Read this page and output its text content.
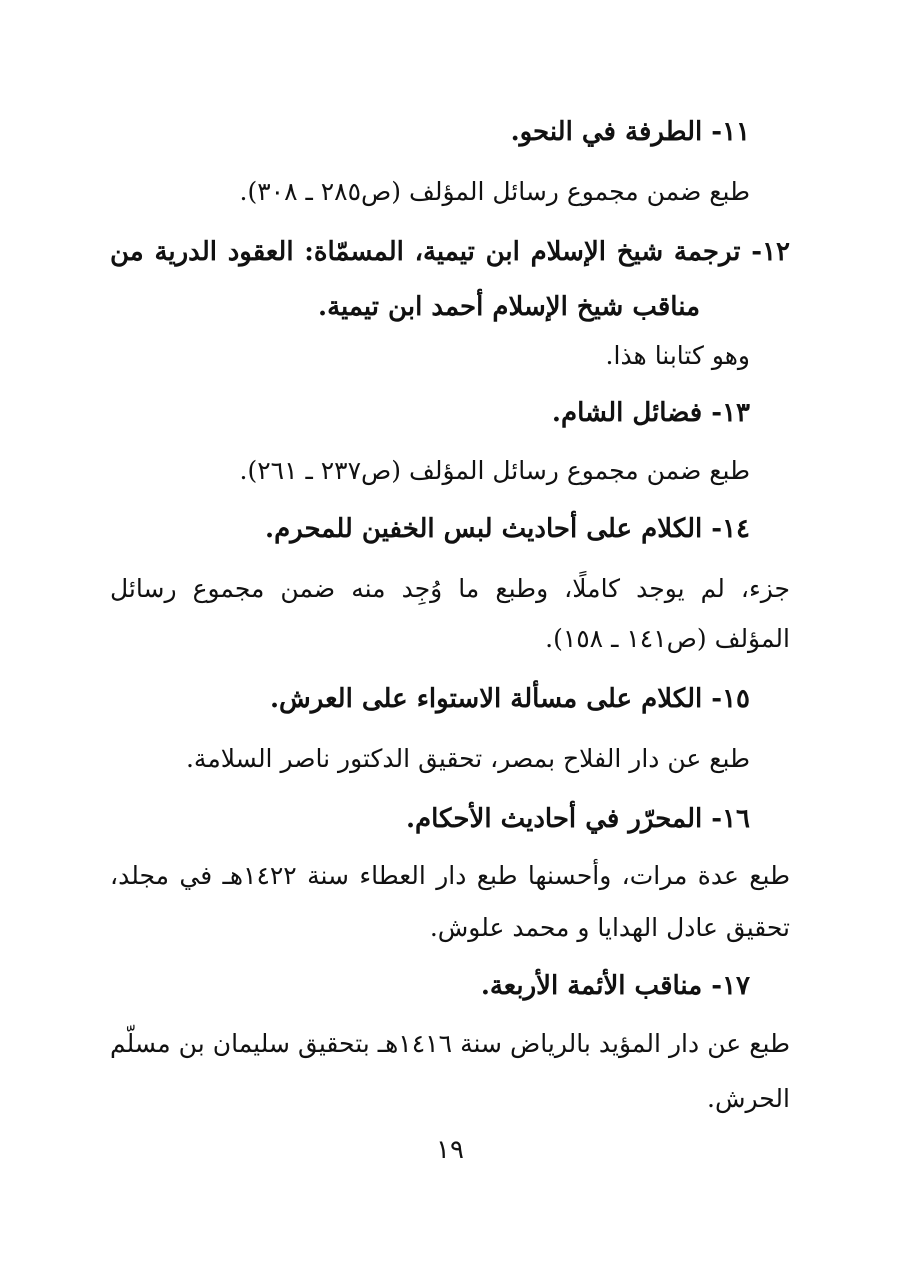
١١- الطرفة في النحو.

طبع ضمن مجموع رسائل المؤلف (ص٢٨٥ ـ ٣٠٨).

١٢- ترجمة شيخ الإسلام ابن تيمية، المسمّاة: العقود الدرية من

مناقب شيخ الإسلام أحمد ابن تيمية.

وهو كتابنا هذا.

١٣- فضائل الشام.

طبع ضمن مجموع رسائل المؤلف (ص٢٣٧ ـ ٢٦١).

١٤- الكلام على أحاديث لبس الخفين للمحرم.

جزء، لم يوجد كاملًا، وطبع ما وُجِد منه ضمن مجموع رسائل

المؤلف (ص١٤١ ـ ١٥٨).

١٥- الكلام على مسألة الاستواء على العرش.

طبع عن دار الفلاح بمصر، تحقيق الدكتور ناصر السلامة.

١٦- المحرّر في أحاديث الأحكام.

طبع عدة مرات، وأحسنها طبع دار العطاء سنة ١٤٢٢هـ في مجلد،

تحقيق عادل الهدايا و محمد علوش.

١٧- مناقب الأئمة الأربعة.

طبع عن دار المؤيد بالرياض سنة ١٤١٦هـ بتحقيق سليمان بن مسلّم

الحرش.

١٩
